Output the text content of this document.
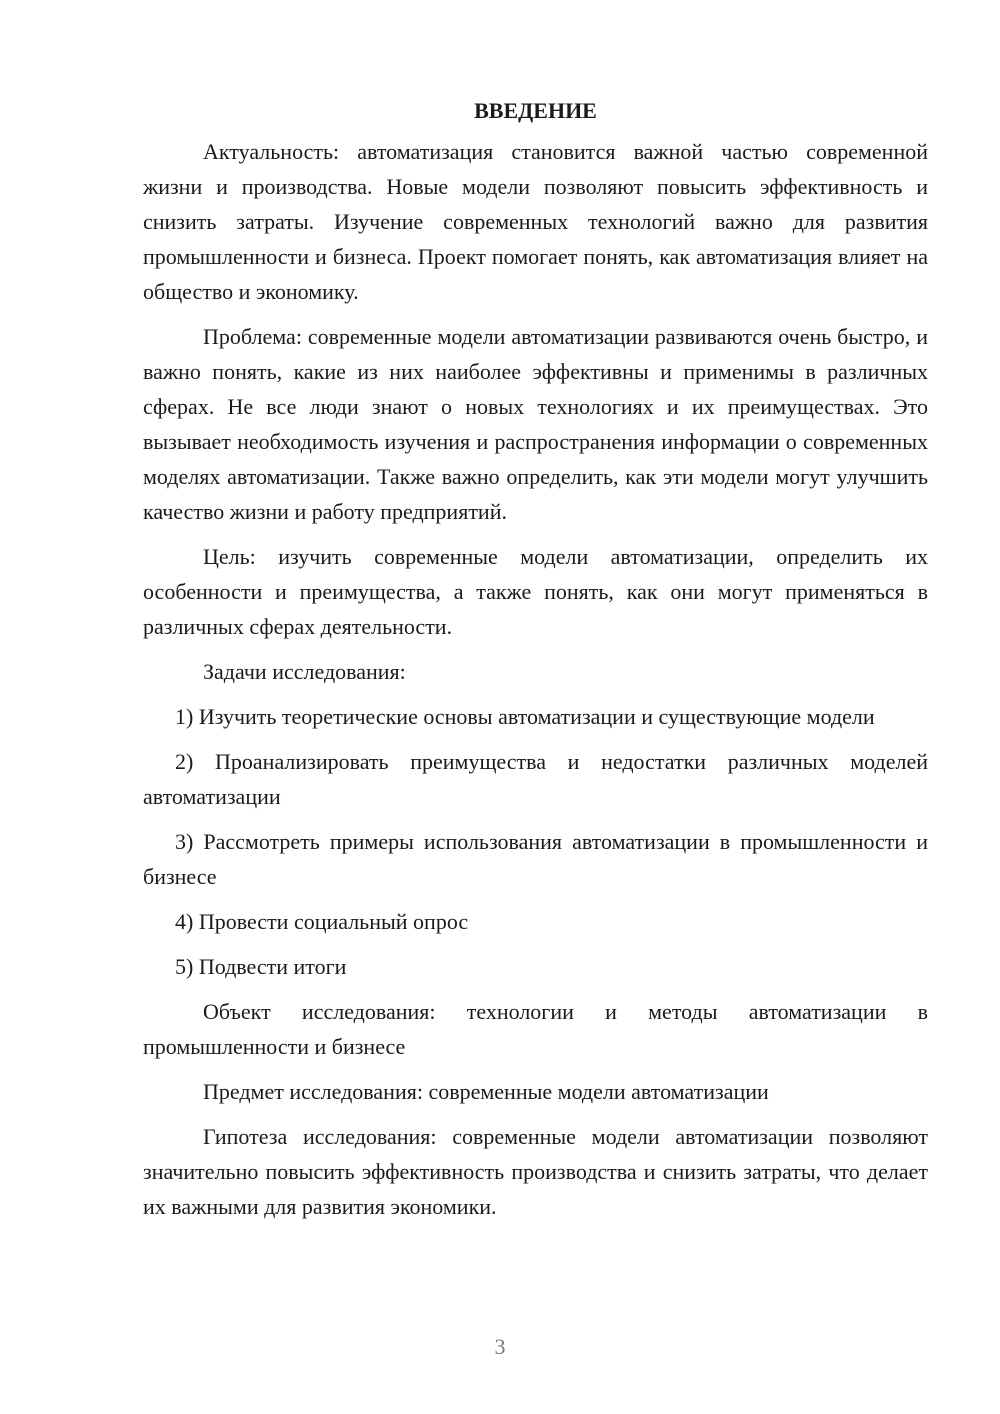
ВВЕДЕНИЕ

Актуальность: автоматизация становится важной частью современной жизни и производства. Новые модели позволяют повысить эффективность и снизить затраты. Изучение современных технологий важно для развития промышленности и бизнеса. Проект помогает понять, как автоматизация влияет на общество и экономику.

Проблема: современные модели автоматизации развиваются очень быстро, и важно понять, какие из них наиболее эффективны и применимы в различных сферах. Не все люди знают о новых технологиях и их преимуществах. Это вызывает необходимость изучения и распространения информации о современных моделях автоматизации. Также важно определить, как эти модели могут улучшить качество жизни и работу предприятий.

Цель: изучить современные модели автоматизации, определить их особенности и преимущества, а также понять, как они могут применяться в различных сферах деятельности.

Задачи исследования:

1) Изучить теоретические основы автоматизации и существующие модели

2) Проанализировать преимущества и недостатки различных моделей автоматизации

3) Рассмотреть примеры использования автоматизации в промышленности и бизнесе

4) Провести социальный опрос

5) Подвести итоги

Объект исследования: технологии и методы автоматизации в промышленности и бизнесе

Предмет исследования: современные модели автоматизации

Гипотеза исследования: современные модели автоматизации позволяют значительно повысить эффективность производства и снизить затраты, что делает их важными для развития экономики.

3
